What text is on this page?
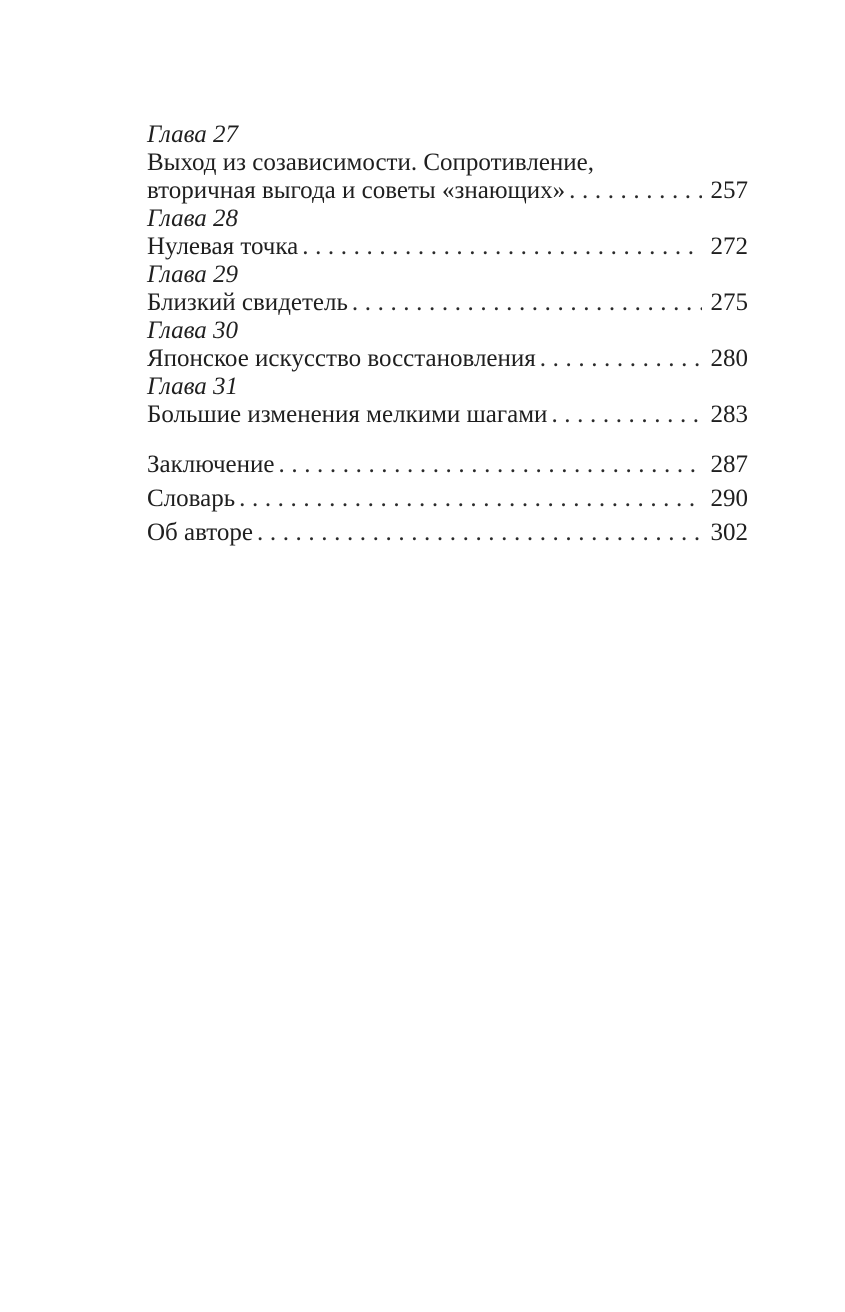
Глава 27
Выход из созависимости. Сопротивление,
вторичная выгода и советы «знающих» .....	257
Глава 28
Нулевая точка .....	272
Глава 29
Близкий свидетель .....	275
Глава 30
Японское искусство восстановления .....	280
Глава 31
Большие изменения мелкими шагами .....	283
Заключение .....	287
Словарь .....	290
Об авторе .....	302
